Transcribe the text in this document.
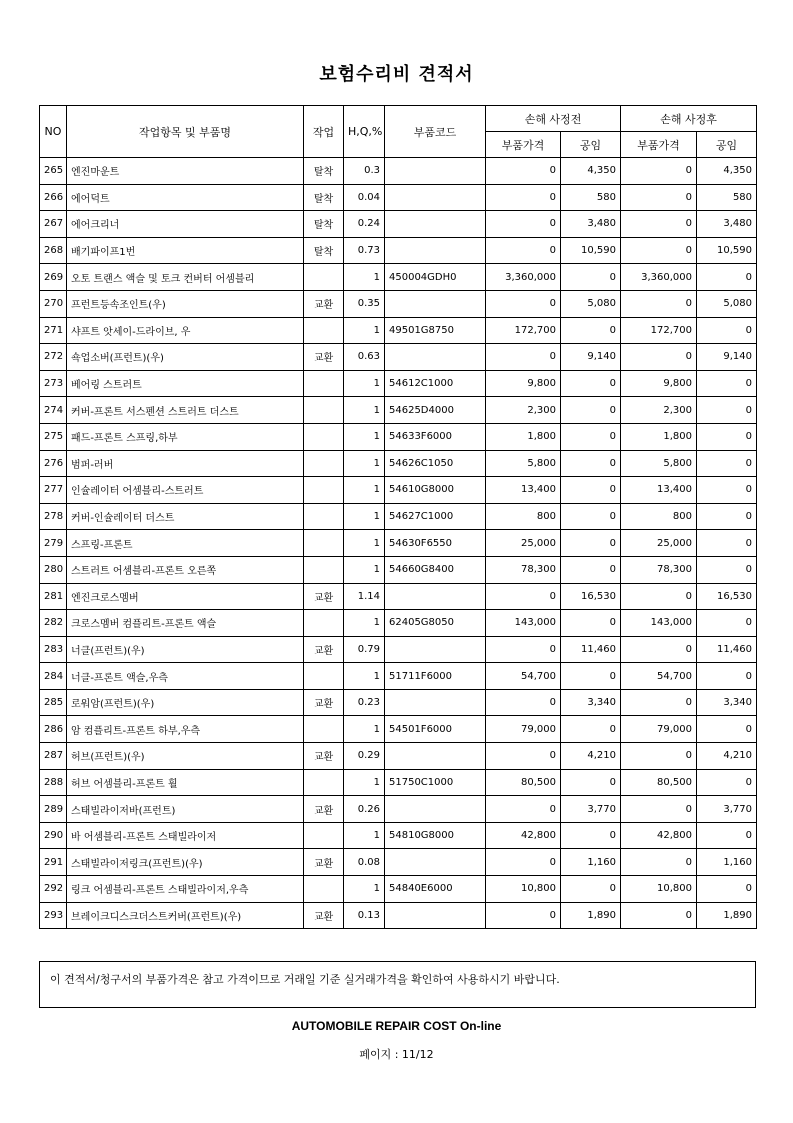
보험수리비 견적서
NO	작업항목 및 부품명	작업	H,Q,%	부품코드	손해 사정전		손해 사정후	
					부품가격	공임	부품가격	공임
265	엔진마운트	탈착	0.3		0	4,350	0	4,350
266	에어덕트	탈착	0.04		0	580	0	580
267	에어크리너	탈착	0.24		0	3,480	0	3,480
268	배기파이프1번	탈착	0.73		0	10,590	0	10,590
269	오토 트랜스 액슬 및 토크 컨버터 어셈블리		1	450004GDH0	3,360,000	0	3,360,000	0
270	프런트등속조인트(우)	교환	0.35		0	5,080	0	5,080
271	샤프트 앗세이-드라이브, 우		1	49501G8750	172,700	0	172,700	0
272	쇽업소버(프런트)(우)	교환	0.63		0	9,140	0	9,140
273	베어링 스트러트		1	54612C1000	9,800	0	9,800	0
274	커버-프론트 서스펜션 스트러트 더스트		1	54625D4000	2,300	0	2,300	0
275	패드-프론트 스프링,하부		1	54633F6000	1,800	0	1,800	0
276	범퍼-러버		1	54626C1050	5,800	0	5,800	0
277	인슐레이터 어셈블리-스트러트		1	54610G8000	13,400	0	13,400	0
278	커버-인슐레이터 더스트		1	54627C1000	800	0	800	0
279	스프링-프론트		1	54630F6550	25,000	0	25,000	0
280	스트러트 어셈블리-프론트 오른쪽		1	54660G8400	78,300	0	78,300	0
281	엔진크로스멤버	교환	1.14		0	16,530	0	16,530
282	크로스멤버 컴플리트-프론트 액슬		1	62405G8050	143,000	0	143,000	0
283	너클(프런트)(우)	교환	0.79		0	11,460	0	11,460
284	너클-프론트 액슬,우측		1	51711F6000	54,700	0	54,700	0
285	로워암(프런트)(우)	교환	0.23		0	3,340	0	3,340
286	암 컴플리트-프론트 하부,우측		1	54501F6000	79,000	0	79,000	0
287	허브(프런트)(우)	교환	0.29		0	4,210	0	4,210
288	허브 어셈블리-프론트 휠		1	51750C1000	80,500	0	80,500	0
289	스태빌라이저바(프런트)	교환	0.26		0	3,770	0	3,770
290	바 어셈블리-프론트 스태빌라이저		1	54810G8000	42,800	0	42,800	0
291	스태빌라이저링크(프런트)(우)	교환	0.08		0	1,160	0	1,160
292	링크 어셈블리-프론트 스태빌라이저,우측		1	54840E6000	10,800	0	10,800	0
293	브레이크디스크더스트커버(프런트)(우)	교환	0.13		0	1,890	0	1,890
이 견적서/청구서의 부품가격은 참고 가격이므로 거래일 기준 실거래가격을 확인하여 사용하시기 바랍니다.
AUTOMOBILE REPAIR COST On-line
페이지 : 11/12
